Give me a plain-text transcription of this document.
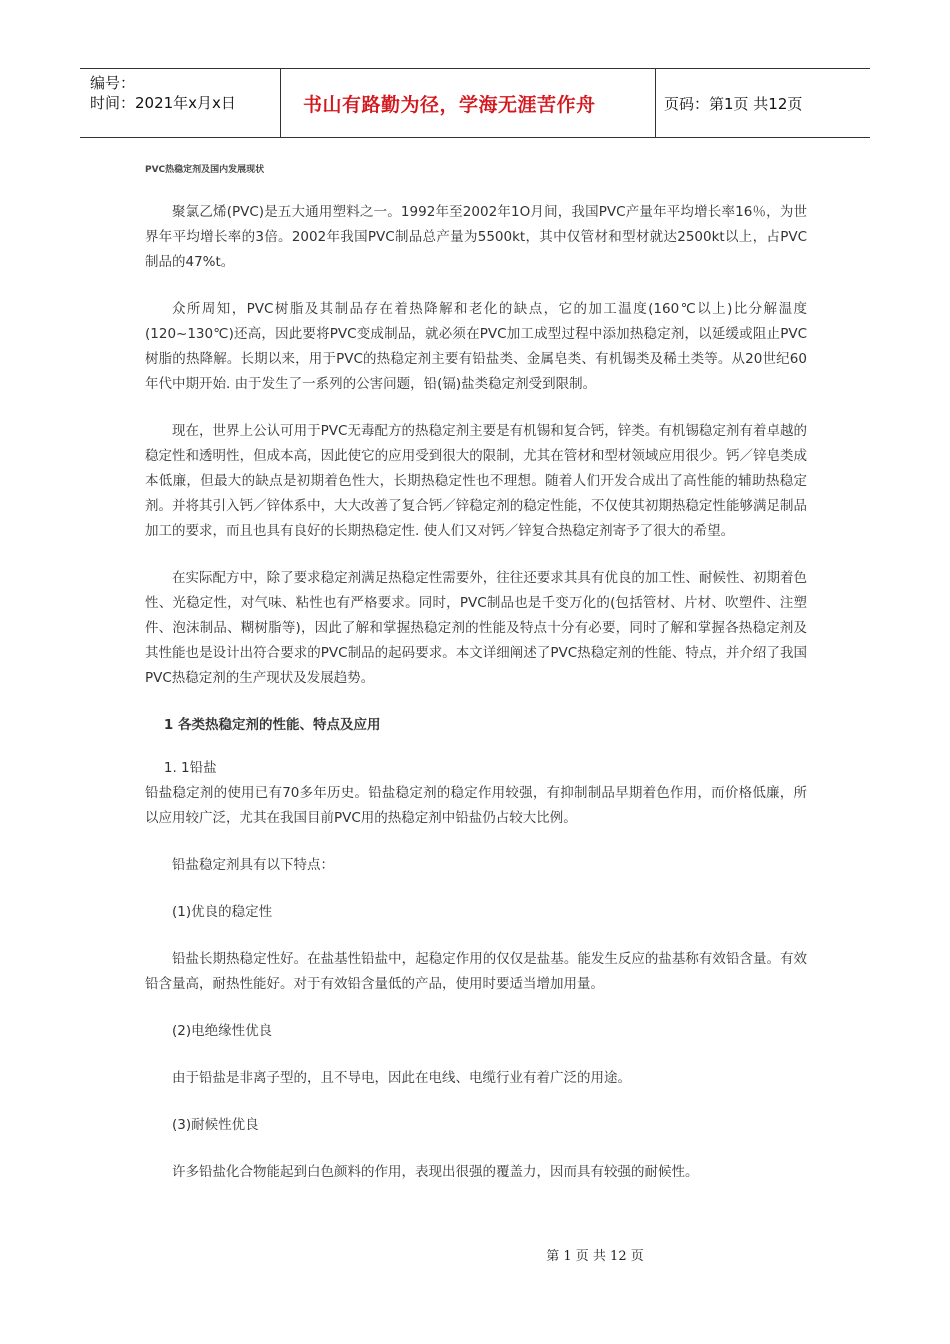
编号：
时间：2021年x月x日	书山有路勤为径，学海无涯苦作舟	页码：第1页 共12页
PVC热稳定剂及国内发展现状

聚氯乙烯(PVC)是五大通用塑料之一。1992年至2002年1O月间，我国PVC产量年平均增长率16％，为世界年平均增长率的3倍。2002年我国PVC制品总产量为5500kt，其中仅管材和型材就达2500kt以上，占PVC制品的47%t。

众所周知，PVC树脂及其制品存在着热降解和老化的缺点，它的加工温度(160℃以上)比分解温度(120~130℃)还高，因此要将PVC变成制品，就必须在PVC加工成型过程中添加热稳定剂，以延缓或阻止PVC树脂的热降解。长期以来，用于PVC的热稳定剂主要有铅盐类、金属皂类、有机锡类及稀土类等。从20世纪60年代中期开始. 由于发生了一系列的公害问题，铅(镉)盐类稳定剂受到限制。

现在，世界上公认可用于PVC无毒配方的热稳定剂主要是有机锡和复合钙，锌类。有机锡稳定剂有着卓越的稳定性和透明性，但成本高，因此使它的应用受到很大的限制，尤其在管材和型材领域应用很少。钙／锌皂类成本低廉，但最大的缺点是初期着色性大，长期热稳定性也不理想。随着人们开发合成出了高性能的辅助热稳定剂。并将其引入钙／锌体系中，大大改善了复合钙／锌稳定剂的稳定性能，不仅使其初期热稳定性能够满足制品加工的要求，而且也具有良好的长期热稳定性. 使人们又对钙／锌复合热稳定剂寄予了很大的希望。

在实际配方中，除了要求稳定剂满足热稳定性需要外，往往还要求其具有优良的加工性、耐候性、初期着色性、光稳定性，对气味、粘性也有严格要求。同时，PVC制品也是千变万化的(包括管材、片材、吹塑件、注塑件、泡沫制品、糊树脂等)，因此了解和掌握热稳定剂的性能及特点十分有必要，同时了解和掌握各热稳定剂及其性能也是设计出符合要求的PVC制品的起码要求。本文详细阐述了PVC热稳定剂的性能、特点，并介绍了我国PVC热稳定剂的生产现状及发展趋势。

1 各类热稳定剂的性能、特点及应用
1. 1铅盐

铅盐稳定剂的使用已有70多年历史。铅盐稳定剂的稳定作用较强，有抑制制品早期着色作用，而价格低廉，所以应用较广泛，尤其在我国目前PVC用的热稳定剂中铅盐仍占较大比例。

铅盐稳定剂具有以下特点：

(1)优良的稳定性

铅盐长期热稳定性好。在盐基性铅盐中，起稳定作用的仅仅是盐基。能发生反应的盐基称有效铅含量。有效铅含量高，耐热性能好。对于有效铅含量低的产品，使用时要适当增加用量。

(2)电绝缘性优良

由于铅盐是非离子型的，且不导电，因此在电线、电缆行业有着广泛的用途。

(3)耐候性优良

许多铅盐化合物能起到白色颜料的作用，表现出很强的覆盖力，因而具有较强的耐候性。

第 1 页 共 12 页
